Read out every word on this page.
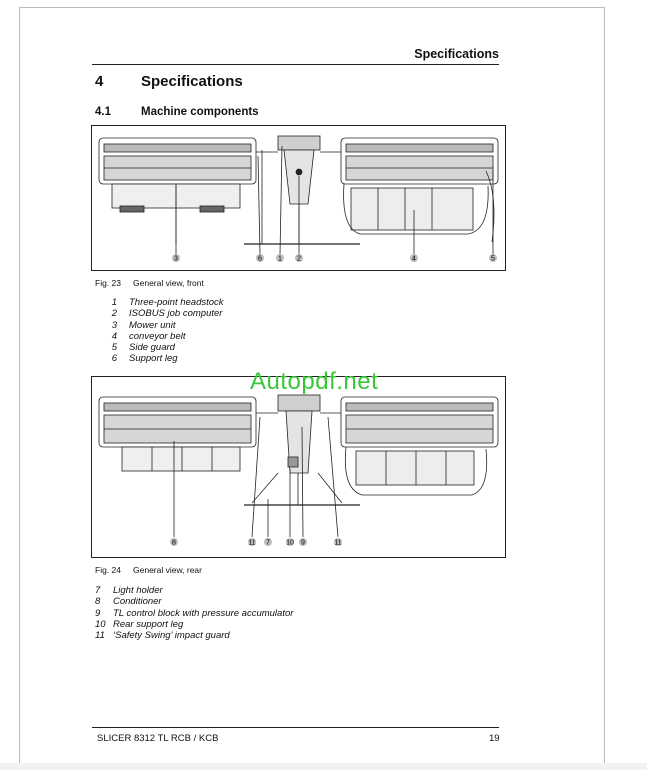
Specifications
4	Specifications
4.1	Machine components
3	6 1 2	4	5
Fig. 23 General view, front
1 Three-point headstock
2 ISOBUS job computer
3 Mower unit
4 conveyor belt
5 Side guard
6 Support leg
8	11 7 10 9	11
Autopdf.net
Fig. 24 General view, rear
7 Light holder
8 Conditioner
9 TL control block with pressure accumulator
10 Rear support leg
11 ‘Safety Swing’ impact guard
SLICER 8312 TL RCB / KCB	19
